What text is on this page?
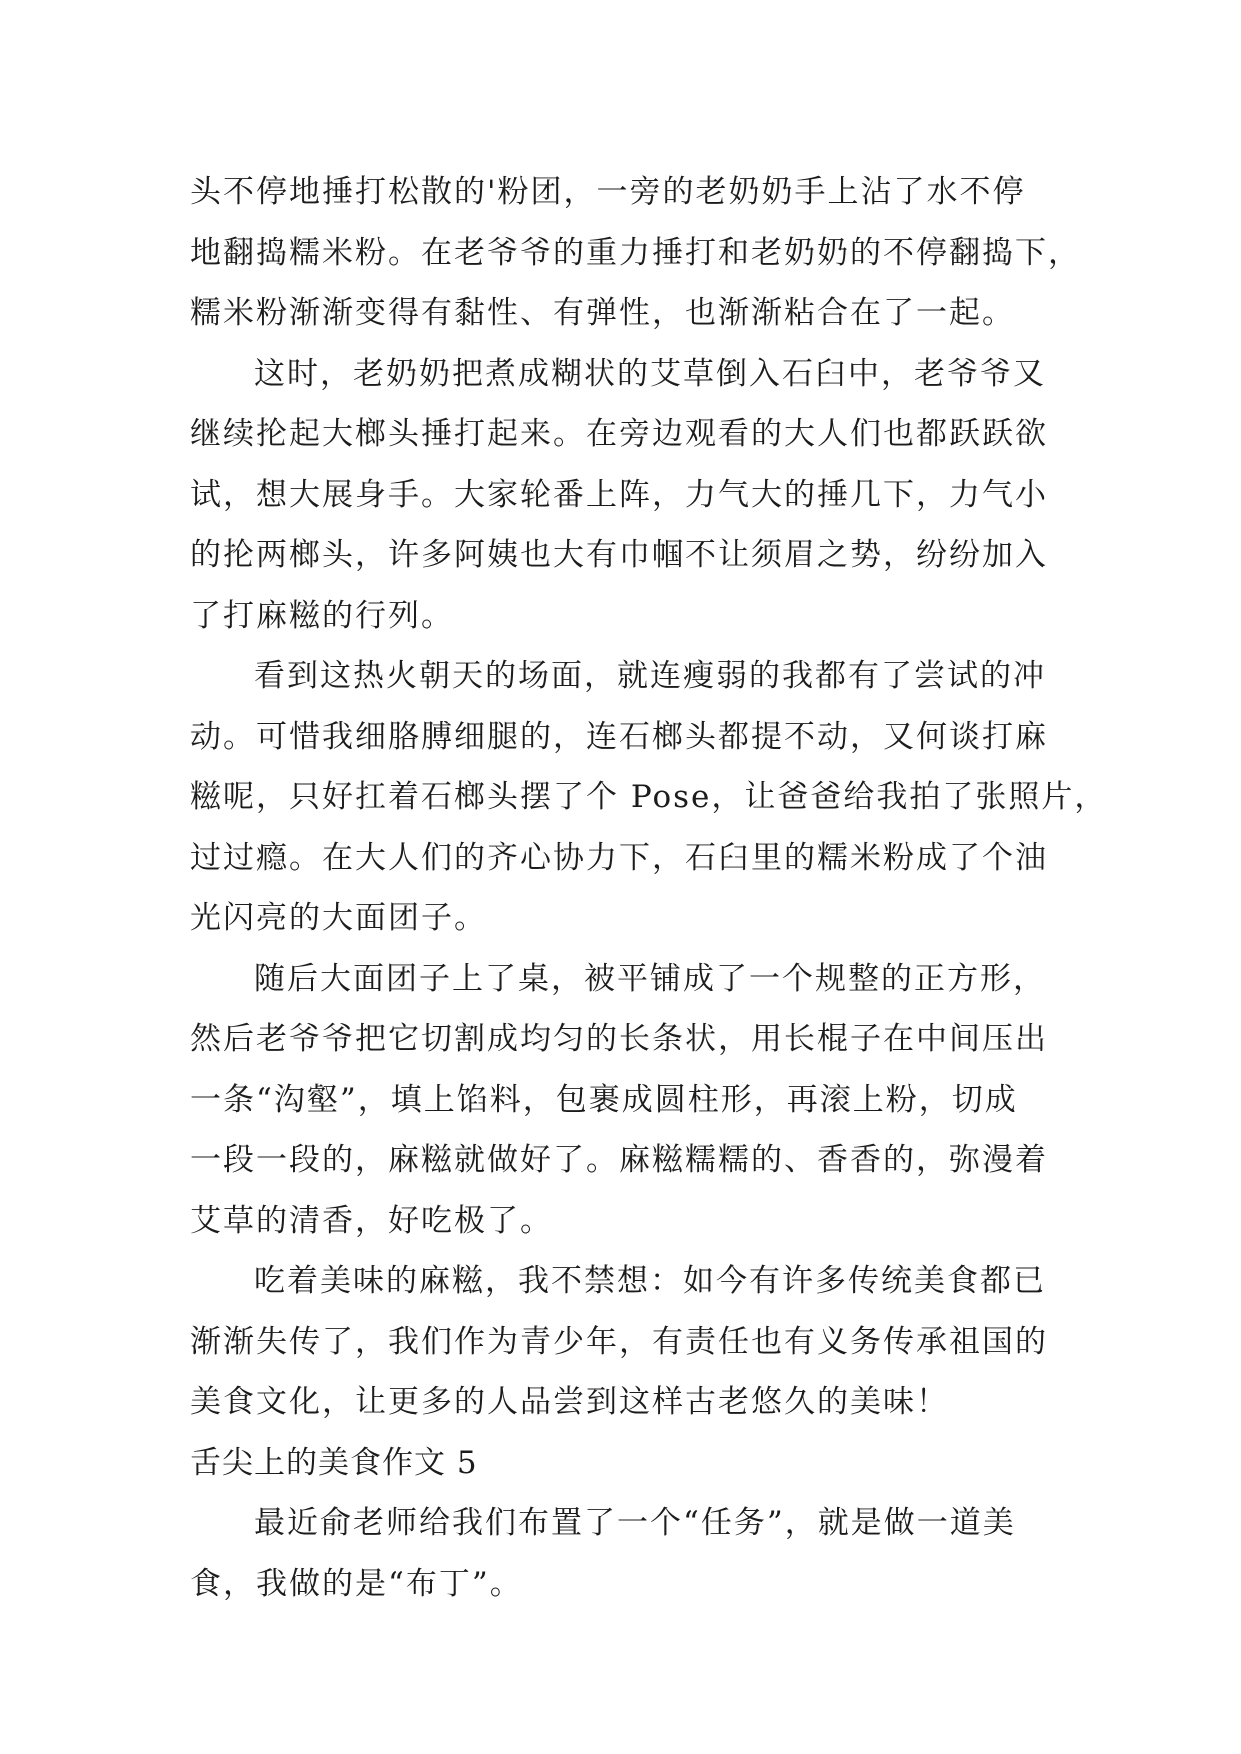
头不停地捶打松散的'粉团，一旁的老奶奶手上沾了水不停
地翻捣糯米粉。在老爷爷的重力捶打和老奶奶的不停翻捣下，
糯米粉渐渐变得有黏性、有弹性，也渐渐粘合在了一起。
这时，老奶奶把煮成糊状的艾草倒入石臼中，老爷爷又
继续抡起大榔头捶打起来。在旁边观看的大人们也都跃跃欲
试，想大展身手。大家轮番上阵，力气大的捶几下，力气小
的抡两榔头，许多阿姨也大有巾帼不让须眉之势，纷纷加入
了打麻糍的行列。
看到这热火朝天的场面，就连瘦弱的我都有了尝试的冲
动。可惜我细胳膊细腿的，连石榔头都提不动，又何谈打麻
糍呢，只好扛着石榔头摆了个 Pose，让爸爸给我拍了张照片，
过过瘾。在大人们的齐心协力下，石臼里的糯米粉成了个油
光闪亮的大面团子。
随后大面团子上了桌，被平铺成了一个规整的正方形，
然后老爷爷把它切割成均匀的长条状，用长棍子在中间压出
一条“沟壑”，填上馅料，包裹成圆柱形，再滚上粉，切成
一段一段的，麻糍就做好了。麻糍糯糯的、香香的，弥漫着
艾草的清香，好吃极了。
吃着美味的麻糍，我不禁想：如今有许多传统美食都已
渐渐失传了，我们作为青少年，有责任也有义务传承祖国的
美食文化，让更多的人品尝到这样古老悠久的美味！
舌尖上的美食作文 5
最近俞老师给我们布置了一个“任务”，就是做一道美
食，我做的是“布丁”。
